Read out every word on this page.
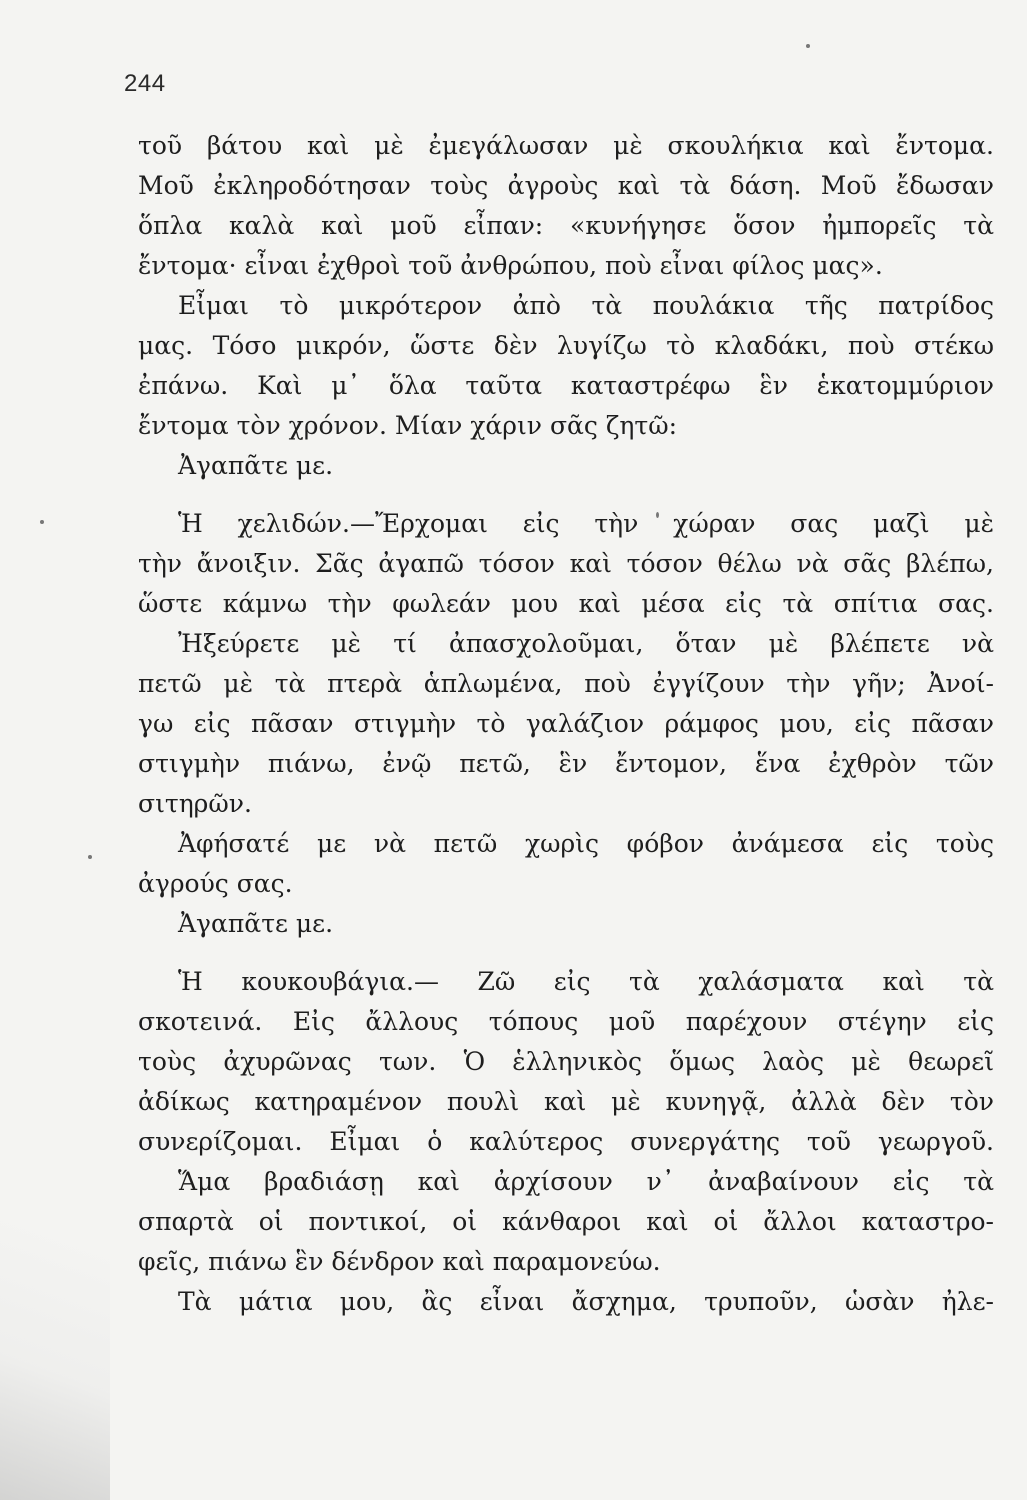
244
τοῦ βάτου καὶ μὲ ἐμεγάλωσαν μὲ σκουλήκια καὶ ἔντομα.
Μοῦ ἐκληροδότησαν τοὺς ἀγροὺς καὶ τὰ δάση. Μοῦ ἔδωσαν
ὅπλα καλὰ καὶ μοῦ εἶπαν: «κυνήγησε ὅσον ἠμπορεῖς τὰ
ἔντομα· εἶναι ἐχθροὶ τοῦ ἀνθρώπου, ποὺ εἶναι φίλος μας».
Εἶμαι τὸ μικρότερον ἀπὸ τὰ πουλάκια τῆς πατρίδος
μας. Τόσο μικρόν, ὥστε δὲν λυγίζω τὸ κλαδάκι, ποὺ στέκω
ἐπάνω. Καὶ μ᾽ ὅλα ταῦτα καταστρέφω ἓν ἑκατομμύριον
ἔντομα τὸν χρόνον. Μίαν χάριν σᾶς ζητῶ:
Ἀγαπᾶτε με.
Ἡ χελιδών.—Ἔρχομαι εἰς τὴν χώραν σας μαζὶ μὲ
τὴν ἄνοιξιν. Σᾶς ἀγαπῶ τόσον καὶ τόσον θέλω νὰ σᾶς βλέπω,
ὥστε κάμνω τὴν φωλεάν μου καὶ μέσα εἰς τὰ σπίτια σας.
Ἠξεύρετε μὲ τί ἀπασχολοῦμαι, ὅταν μὲ βλέπετε νὰ
πετῶ μὲ τὰ πτερὰ ἁπλωμένα, ποὺ ἐγγίζουν τὴν γῆν; Ἀνοί-
γω εἰς πᾶσαν στιγμὴν τὸ γαλάζιον ράμφος μου, εἰς πᾶσαν
στιγμὴν πιάνω, ἐνῷ πετῶ, ἓν ἔντομον, ἕνα ἐχθρὸν τῶν
σιτηρῶν.
Ἀφήσατέ με νὰ πετῶ χωρὶς φόβον ἀνάμεσα εἰς τοὺς
ἀγρούς σας.
Ἀγαπᾶτε με.
Ἡ κουκουβάγια.— Ζῶ εἰς τὰ χαλάσματα καὶ τὰ
σκοτεινά. Εἰς ἄλλους τόπους μοῦ παρέχουν στέγην εἰς
τοὺς ἀχυρῶνας των. Ὁ ἑλληνικὸς ὅμως λαὸς μὲ θεωρεῖ
ἀδίκως κατηραμένον πουλὶ καὶ μὲ κυνηγᾷ, ἀλλὰ δὲν τὸν
συνερίζομαι. Εἶμαι ὁ καλύτερος συνεργάτης τοῦ γεωργοῦ.
Ἅμα βραδιάσῃ καὶ ἀρχίσουν ν᾽ ἀναβαίνουν εἰς τὰ
σπαρτὰ οἱ ποντικοί, οἱ κάνθαροι καὶ οἱ ἄλλοι καταστρο-
φεῖς, πιάνω ἓν δένδρον καὶ παραμονεύω.
Τὰ μάτια μου, ἂς εἶναι ἄσχημα, τρυποῦν, ὡσὰν ἠλε-
